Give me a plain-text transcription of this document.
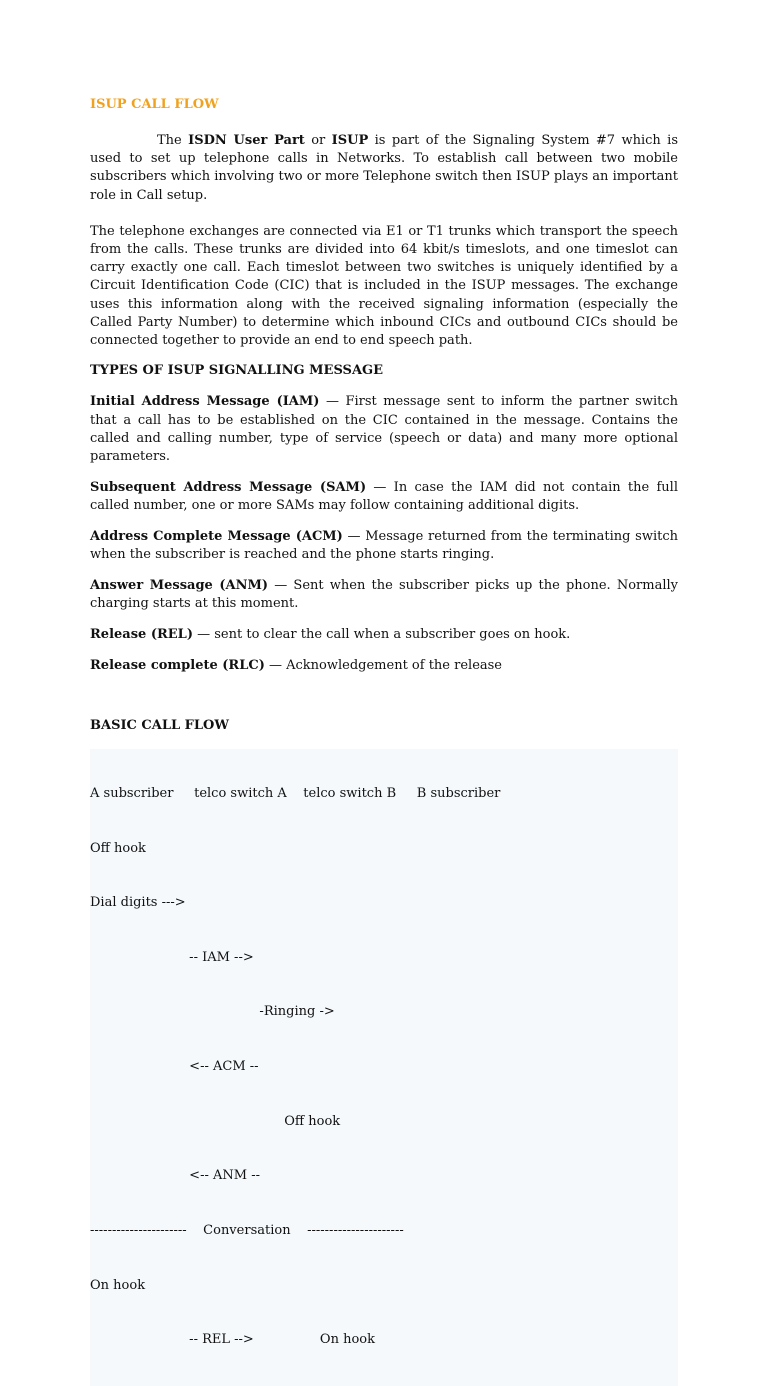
ISUP CALL FLOW

The ISDN User Part or ISUP is part of the Signaling System #7 which is used to set up telephone calls in Networks. To establish call between two mobile subscribers which involving two or more Telephone switch then ISUP plays an important role in Call setup.

The telephone exchanges are connected via E1 or T1 trunks which transport the speech from the calls. These trunks are divided into 64 kbit/s timeslots, and one timeslot can carry exactly one call. Each timeslot between two switches is uniquely identified by a Circuit Identification Code (CIC) that is included in the ISUP messages. The exchange uses this information along with the received signaling information (especially the Called Party Number) to determine which inbound CICs and outbound CICs should be connected together to provide an end to end speech path.

TYPES OF ISUP SIGNALLING MESSAGE

Initial Address Message (IAM) — First message sent to inform the partner switch that a call has to be established on the CIC contained in the message. Contains the called and calling number, type of service (speech or data) and many more optional parameters.

Subsequent Address Message (SAM) — In case the IAM did not contain the full called number, one or more SAMs may follow containing additional digits.

Address Complete Message (ACM) — Message returned from the terminating switch when the subscriber is reached and the phone starts ringing.

Answer Message (ANM) — Sent when the subscriber picks up the phone. Normally charging starts at this moment.

Release (REL) — sent to clear the call when a subscriber goes on hook.

Release complete (RLC) — Acknowledgement of the release

BASIC CALL FLOW

A subscriber     telco switch A    telco switch B     B subscriber

Off hook

Dial digits --->

-- IAM -->

-Ringing ->

<-- ACM --

Off hook

<-- ANM --

----------------------    Conversation    ----------------------

On hook

-- REL -->                On hook
